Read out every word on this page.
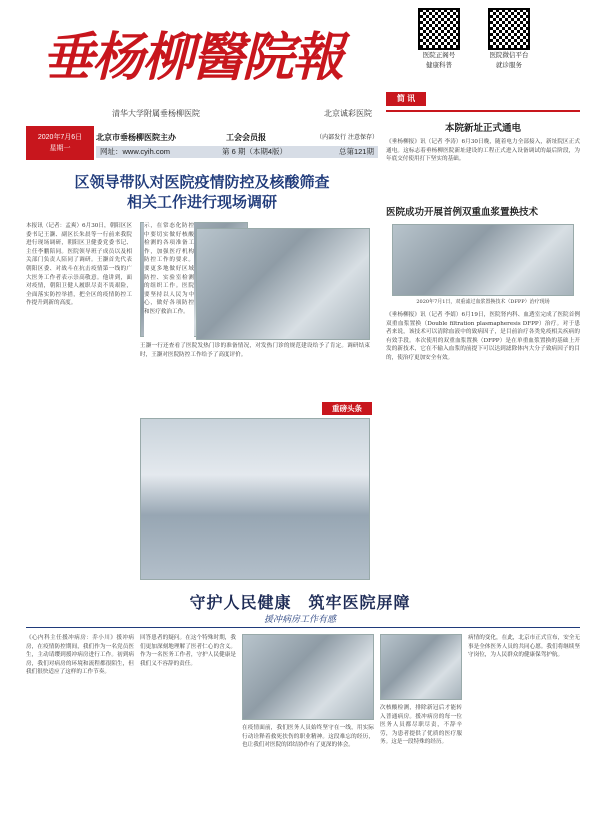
垂杨柳醫院報
清华大学附属垂杨柳医院	北京诚彩医院
医院正阁号
健康科普
医院微信平台
就诊服务
2020年7月6日
星期一
北京市垂杨柳医院主办	工会会员报	（内部发行 注意保存）
网址：www.cyih.com	第 6 期（本期4版）	总第121期
区领导带队对医院疫情防控及核酸筛查
相关工作进行现场调研
本报讯（记者：孟爽）6月30日，朝阳区区委书记王灏、副区长朱晨等一行前来我院进行现场调研，朝阳区卫健委党委书记、主任李鹏陪同。医院领导班子成员以及相关部门负责人陪同了调研。王灏首先代表朝阳区委、对战斗在抗击疫情第一线的广大医务工作者表示崇高敬意。他讲到，面对疫情，朝阳卫健人履职尽责不畏艰险，全面落实防控举措，把全区的疫情防控工作提升到新的高度。
示，在常态化防控中要切实做好核酸检测的各项准备工作，加强医疗机构防控工作的要求。要更多地做好区域防控、实验室检测的组织工作。医院要坚持以人民为中心，做好各项防控和医疗救治工作。
王灏一行还查看了医院发热门诊的准备情况，对发热门诊的规范建设给予了肯定。调研结束时，王灏对医院防控工作给予了高度评价。
重磅头条
简 讯
本院新址正式通电
《垂杨柳报》讯（记者 李涛）6月30日晚，随着电力全部接入，新址院区正式通电。这标志着垂杨柳医院新址建设的工程正式进入设备调试的最后阶段，为年底交付使用打下坚实的基础。
医院成功开展首例双重血浆置换技术
2020年7月1日，双重滤过血浆置换技术（DFPP）治疗现场
《垂杨柳报》讯（记者 李婧）6月19日，医院肾内科、血透室完成了医院首例双重血浆置换（Double filtration plasmapheresis DFPP）治疗。对于患者来说，该技术可以清除血液中的致病因子，是目前治疗各类免疫相关疾病的有效手段。本次使用的双重血浆置换（DFPP）是在单重血浆置换的基础上开发的新技术，它在不输入血浆的前提下可以达到滤除体内大分子致病因子的目的，使治疗更加安全有效。
守护人民健康　筑牢医院屏障
援冲病房工作有感
《心内科主任援冲病房：乔小川》援冲病房，在疫情防控期间，我们作为一名党员医生，主动请缨到援冲病房进行工作。初到病房，我们对病房的环境和流程都很陌生，但我们很快适应了这样的工作节奏。
回答患者的疑问。在这个特殊时期，我们更加深刻地理解了医者仁心的含义。作为一名医务工作者，守护人民健康是我们义不容辞的责任。
在疫情面前，我们医务人员始终坚守在一线，用实际行动诠释着救死扶伤的职业精神。这段难忘的经历，也让我们对医院的团结协作有了更深的体会。
次核酸检测，排除新冠后才能转入普通病房。援冲病房的每一位医务人员都尽职尽责，不辞辛劳，为患者提供了优质的医疗服务。这是一段特殊的经历。
病情的变化，在此，北京市正式宣布，安全无事是全体医务人员的共同心愿。我们将继续坚守岗位，为人民群众的健康保驾护航。
